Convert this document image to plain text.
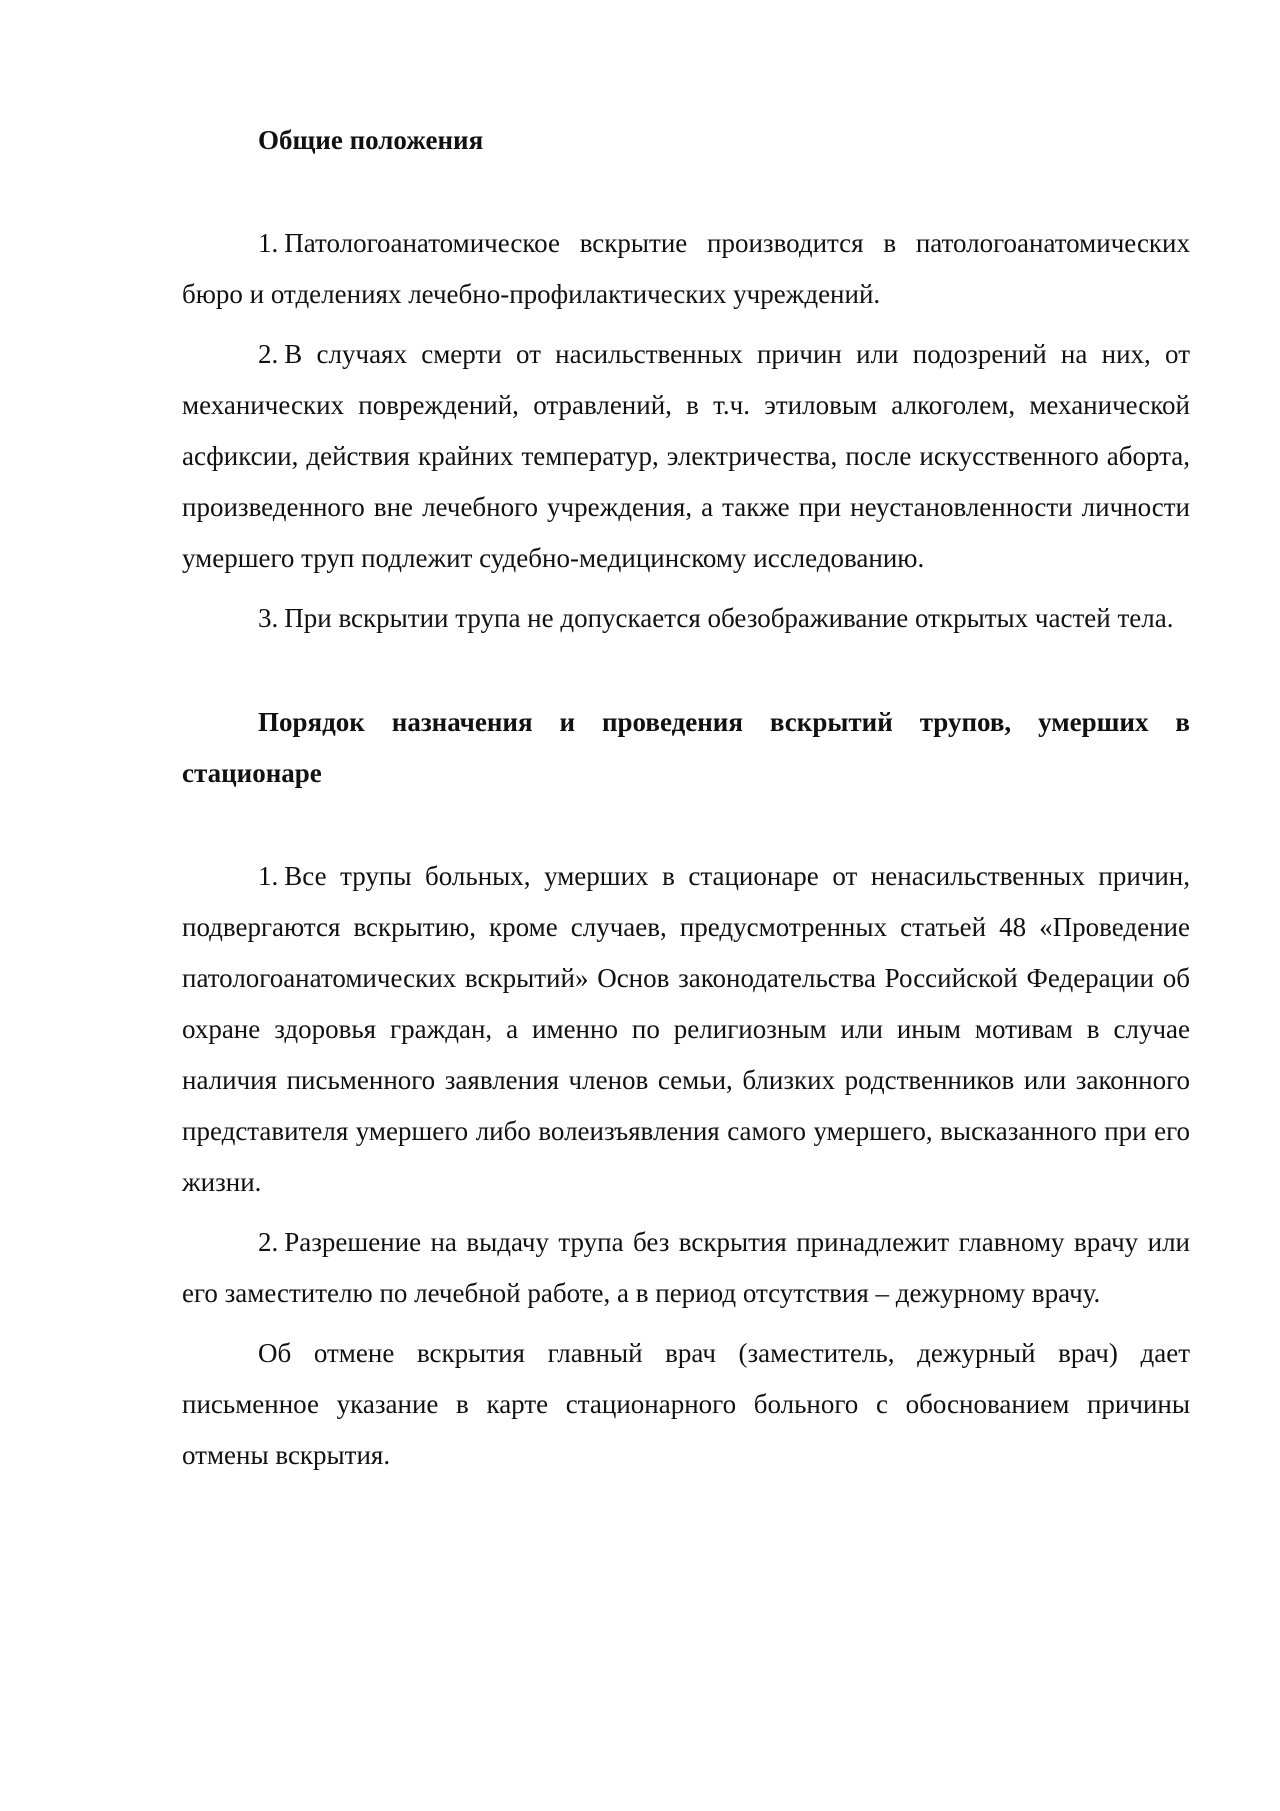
Общие положения

1. Патологоанатомическое вскрытие производится в патологоанатомических бюро и отделениях лечебно-профилактических учреждений.

2. В случаях смерти от насильственных причин или подозрений на них, от механических повреждений, отравлений, в т.ч. этиловым алкоголем, механической асфиксии, действия крайних температур, электричества, после искусственного аборта, произведенного вне лечебного учреждения, а также при неустановленности личности умершего труп подлежит судебно-медицинскому исследованию.

3. При вскрытии трупа не допускается обезображивание открытых частей тела.

Порядок назначения и проведения вскрытий трупов, умерших в стационаре

1. Все трупы больных, умерших в стационаре от ненасильственных причин, подвергаются вскрытию, кроме случаев, предусмотренных статьей 48 «Проведение патологоанатомических вскрытий» Основ законодательства Российской Федерации об охране здоровья граждан, а именно по религиозным или иным мотивам в случае наличия письменного заявления членов семьи, близких родственников или законного представителя умершего либо волеизъявления самого умершего, высказанного при его жизни.

2. Разрешение на выдачу трупа без вскрытия принадлежит главному врачу или его заместителю по лечебной работе, а в период отсутствия – дежурному врачу.

Об отмене вскрытия главный врач (заместитель, дежурный врач) дает письменное указание в карте стационарного больного с обоснованием причины отмены вскрытия.
